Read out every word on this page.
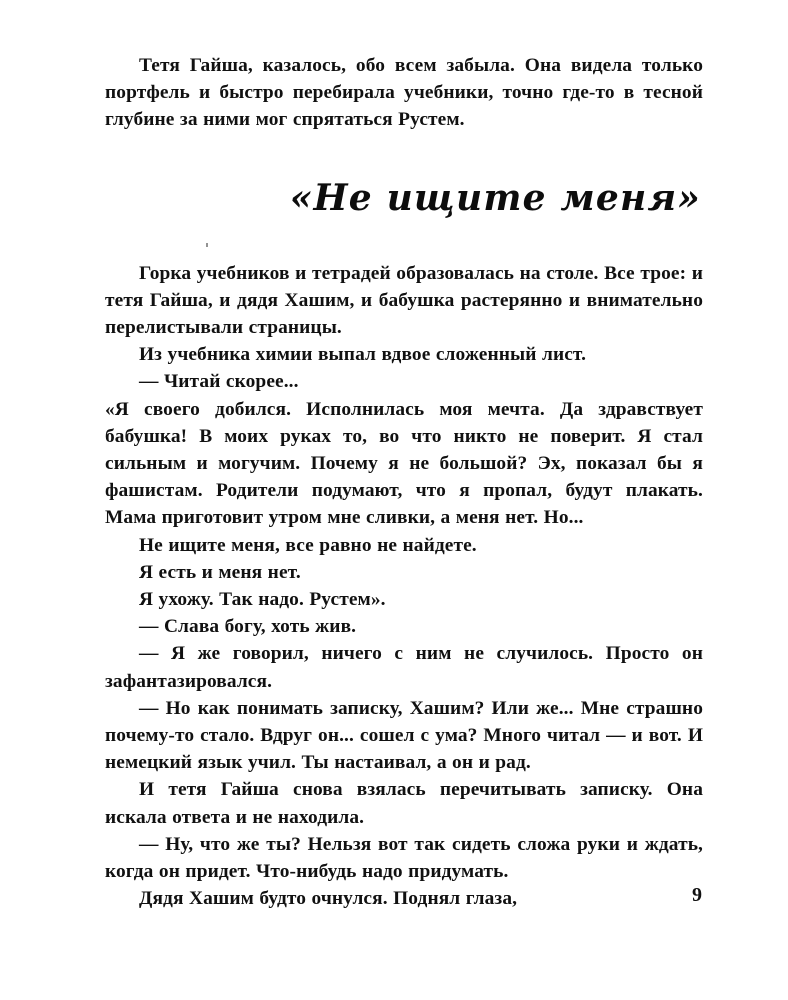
Тетя Гайша, казалось, обо всем забыла. Она видела только портфель и быстро перебирала учебники, точно где-то в тесной глубине за ними мог спрятаться Рустем.

«Не ищите меня»

Горка учебников и тетрадей образовалась на столе. Все трое: и тетя Гайша, и дядя Хашим, и бабушка растерянно и внимательно перелистывали страницы.

Из учебника химии выпал вдвое сложенный лист.

— Читай скорее...

«Я своего добился. Исполнилась моя мечта. Да здравствует бабушка! В моих руках то, во что никто не поверит. Я стал сильным и могучим. Почему я не большой? Эх, показал бы я фашистам. Родители подумают, что я пропал, будут плакать. Мама приготовит утром мне сливки, а меня нет. Но...

Не ищите меня, все равно не найдете.

Я есть и меня нет.

Я ухожу. Так надо. Рустем».

— Слава богу, хоть жив.

— Я же говорил, ничего с ним не случилось. Просто он зафантазировался.

— Но как понимать записку, Хашим? Или же... Мне страшно почему-то стало. Вдруг он... сошел с ума? Много читал — и вот. И немецкий язык учил. Ты настаивал, а он и рад.

И тетя Гайша снова взялась перечитывать записку. Она искала ответа и не находила.

— Ну, что же ты? Нельзя вот так сидеть сложа руки и ждать, когда он придет. Что-нибудь надо придумать.

Дядя Хашим будто очнулся. Поднял глаза,	9
